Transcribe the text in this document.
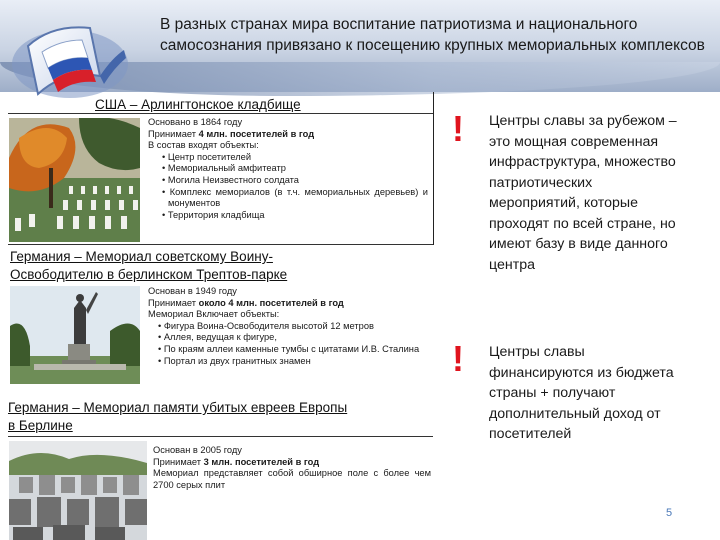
В разных странах мира воспитание патриотизма и национального самосознания привязано к посещению крупных мемориальных комплексов
США – Арлингтонское кладбище
Основано в 1864 году
Принимает 4 млн. посетителей в год
В состав входят объекты:
• Центр посетителей
• Мемориальный амфитеатр
• Могила Неизвестного солдата
• Комплекс мемориалов (в т.ч. мемориальных деревьев) и монументов
• Территория кладбища
Германия – Мемориал советскому Воину-Освободителю в берлинском Трептов-парке
Основан в 1949 году
Принимает около 4 млн. посетителей в год
Мемориал Включает объекты:
• Фигура Воина-Освободителя высотой 12 метров
• Аллея, ведущая к фигуре,
• По краям аллеи каменные тумбы с цитатами И.В. Сталина
• Портал из двух гранитных знамен
Германия – Мемориал памяти убитых евреев Европы в Берлине
Основан в 2005 году
Принимает 3 млн. посетителей в год
Мемориал представляет собой обширное поле с более чем 2700 серых плит
! Центры славы за рубежом – это мощная современная инфраструктура, множество патриотических мероприятий, которые проходят по всей стране, но имеют базу в виде данного центра
! Центры славы финансируются из бюджета страны + получают дополнительный доход от посетителей
5
